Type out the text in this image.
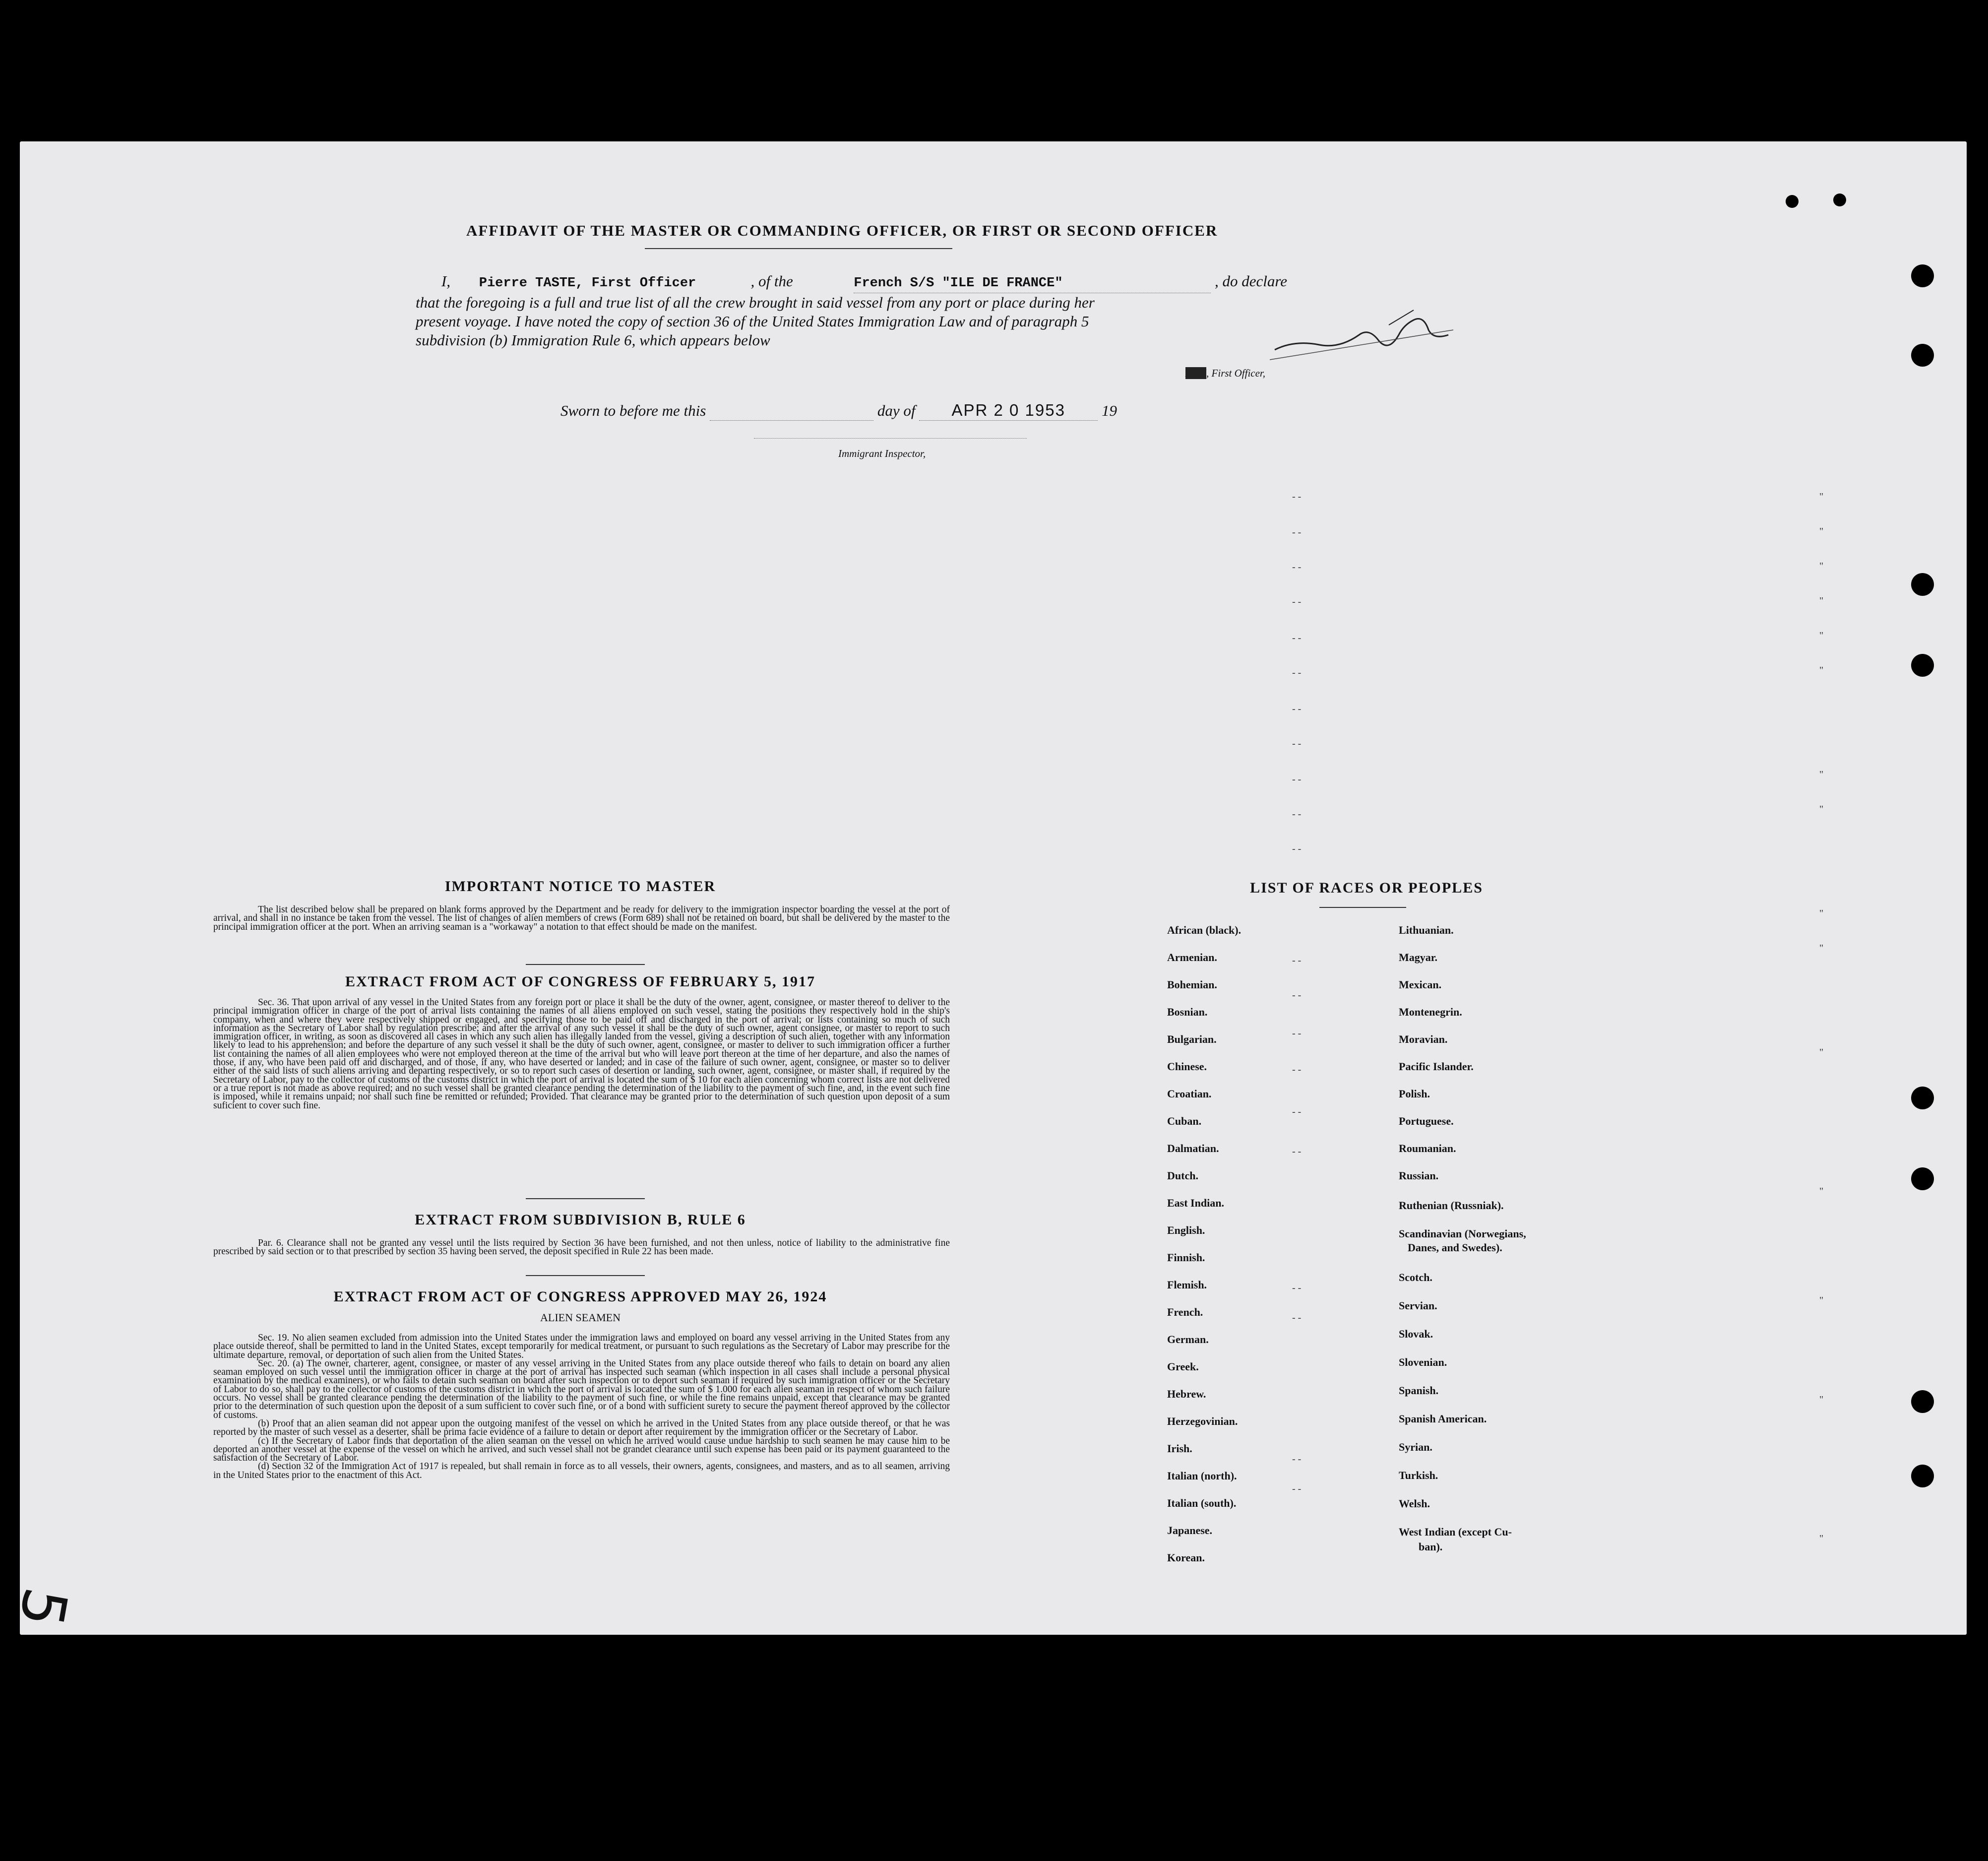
AFFIDAVIT OF THE MASTER OR COMMANDING OFFICER, OR FIRST OR SECOND OFFICER
I, Pierre TASTE, First Officer	, of the	French S/S "ILE DE FRANCE"	, do declare
that the foregoing is a full and true list of all the crew brought in said vessel from any port or place during her
present voyage. I have noted the copy of section 36 of the United States Immigration Law and of paragraph 5
subdivision (b) Immigration Rule 6, which appears below
XXX, First Officer,
Sworn to before me this	day of APR 2 0 1953 19
Immigrant Inspector,
- -
- -
- -
- -
- -
- -
- -
- -
- -
- -
- -
- -
- -
- -
- -
- -
- -
- -
- -
- -
- -
"
"
"
"
"
"
"
"
"
"
"
"
"
"
"
IMPORTANT NOTICE TO MASTER
The list described below shall be prepared on blank forms approved by the Department and be ready for delivery to the immigration inspector boarding the vessel at the port of arrival, and shall in no instance be taken from the vessel. The list of changes of alien members of crews (Form 689) shall not be retained on board, but shall be delivered by the master to the principal immigration officer at the port. When an arriving seaman is a "workaway" a notation to that effect should be made on the manifest.
EXTRACT FROM ACT OF CONGRESS OF FEBRUARY 5, 1917
Sec. 36. That upon arrival of any vessel in the United States from any foreign port or place it shall be the duty of the owner, agent, consignee, or master thereof to deliver to the principal immigration officer in charge of the port of arrival lists containing the names of all aliens employed on such vessel, stating the positions they respectively hold in the ship's company, when and where they were respectively shipped or engaged, and specifying those to be paid off and discharged in the port of arrival; or lists containing so much of such information as the Secretary of Labor shall by regulation prescribe; and after the arrival of any such vessel it shall be the duty of such owner, agent consignee, or master to report to such immigration officer, in writing, as soon as discovered all cases in which any such alien has illegally landed from the vessel, giving a description of such alien, together with any information likely to lead to his apprehension; and before the departure of any such vessel it shall be the duty of such owner, agent, consignee, or master to deliver to such immigration officer a further list containing the names of all alien employees who were not employed thereon at the time of the arrival but who will leave port thereon at the time of her departure, and also the names of those, if any, who have been paid off and discharged, and of those, if any, who have deserted or landed; and in case of the failure of such owner, agent, consignee, or master so to deliver either of the said lists of such aliens arriving and departing respectively, or so to report such cases of desertion or landing, such owner, agent, consignee, or master shall, if required by the Secretary of Labor, pay to the collector of customs of the customs district in which the port of arrival is located the sum of $ 10 for each alien concerning whom correct lists are not delivered or a true report is not made as above required; and no such vessel shall be granted clearance pending the determination of the liability to the payment of such fine, and, in the event such fine is imposed, while it remains unpaid; nor shall such fine be remitted or refunded; Provided. That clearance may be granted prior to the determination of such question upon deposit of a sum suficient to cover such fine.
EXTRACT FROM SUBDIVISION B, RULE 6
Par. 6. Clearance shall not be granted any vessel until the lists required by Section 36 have been furnished, and not then unless, notice of liability to the administrative fine prescribed by said section or to that prescribed by section 35 having been served, the deposit specified in Rule 22 has been made.
EXTRACT FROM ACT OF CONGRESS APPROVED MAY 26, 1924
ALIEN SEAMEN
Sec. 19. No alien seamen excluded from admission into the United States under the immigration laws and employed on board any vessel arriving in the United States from any place outside thereof, shall be permitted to land in the United States, except temporarily for medical treatment, or pursuant to such regulations as the Secretary of Labor may prescribe for the ultimate departure, removal, or deportation of such alien from the United States.
Sec. 20. (a) The owner, charterer, agent, consignee, or master of any vessel arriving in the United States from any place outside thereof who fails to detain on board any alien seaman employed on such vessel until the immigration officer in charge at the port of arrival has inspected such seaman (which inspection in all cases shall include a personal physical examination by the medical examiners), or who fails to detain such seaman on board after such inspection or to deport such seaman if required by such immigration officer or the Secretary of Labor to do so, shall pay to the collector of customs of the customs district in which the port of arrival is located the sum of $ 1.000 for each alien seaman in respect of whom such failure occurs. No vessel shall be granted clearance pending the determination of the liability to the payment of such fine, or while the fine remains unpaid, except that clearance may be granted prior to the determination of such question upon the deposit of a sum sufficient to cover such fine, or of a bond with sufficient surety to secure the payment thereof approved by the collector of customs.
(b) Proof that an alien seaman did not appear upon the outgoing manifest of the vessel on which he arrived in the United States from any place outside thereof, or that he was reported by the master of such vessel as a deserter, shall be prima facie evidence of a failure to detain or deport after requirement by the immigration officer or the Secretary of Labor.
(c) If the Secretary of Labor finds that deportation of the alien seaman on the vessel on which he arrived would cause undue hardship to such seamen he may cause him to be deported an another vessel at the expense of the vessel on which he arrived, and such vessel shall not be grandet clearance until such expense has been paid or its payment guaranteed to the satisfaction of the Secretary of Labor.
(d) Section 32 of the Immigration Act of 1917 is repealed, but shall remain in force as to all vessels, their owners, agents, consignees, and masters, and as to all seamen, arriving in the United States prior to the enactment of this Act.
LIST OF RACES OR PEOPLES
African (black).
Armenian.
Bohemian.
Bosnian.
Bulgarian.
Chinese.
Croatian.
Cuban.
Dalmatian.
Dutch.
East Indian.
English.
Finnish.
Flemish.
French.
German.
Greek.
Hebrew.
Herzegovinian.
Irish.
Italian (north).
Italian (south).
Japanese.
Korean.
Lithuanian.
Magyar.
Mexican.
Montenegrin.
Moravian.
Pacific Islander.
Polish.
Portuguese.
Roumanian.
Russian.
Ruthenian (Russniak).
Scandinavian (Norwegians,
Danes, and Swedes).
Scotch.
Servian.
Slovak.
Slovenian.
Spanish.
Spanish American.
Syrian.
Turkish.
Welsh.
West Indian (except Cu-
ban).
5
